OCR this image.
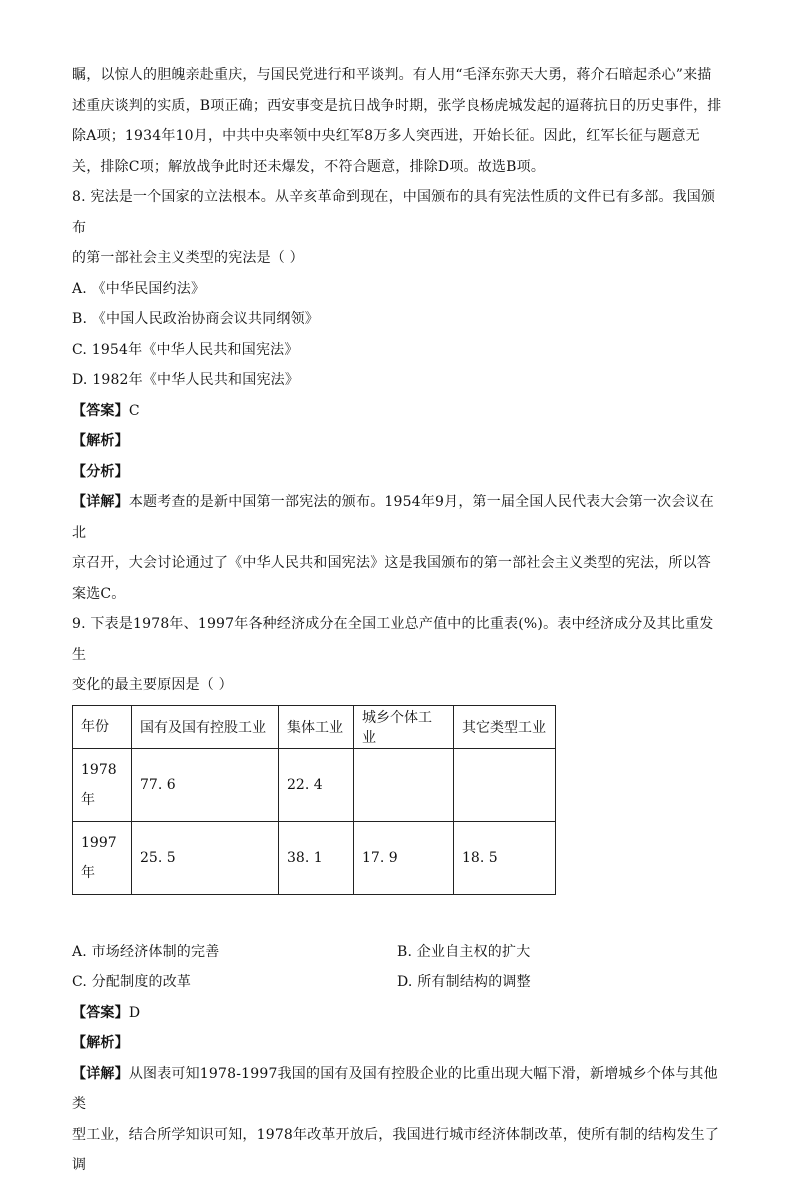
瞩，以惊人的胆魄亲赴重庆，与国民党进行和平谈判。有人用“毛泽东弥天大勇，蒋介石暗起杀心”来描

述重庆谈判的实质，B项正确；西安事变是抗日战争时期，张学良杨虎城发起的逼蒋抗日的历史事件，排

除A项；1934年10月，中共中央率领中央红军8万多人突西进，开始长征。因此，红军长征与题意无

关，排除C项；解放战争此时还未爆发，不符合题意，排除D项。故选B项。

8. 宪法是一个国家的立法根本。从辛亥革命到现在，中国颁布的具有宪法性质的文件已有多部。我国颁布

的第一部社会主义类型的宪法是（ ）

A. 《中华民国约法》

B. 《中国人民政治协商会议共同纲领》

C. 1954年《中华人民共和国宪法》

D. 1982年《中华人民共和国宪法》

【答案】C

【解析】

【分析】

【详解】本题考查的是新中国第一部宪法的颁布。1954年9月，第一届全国人民代表大会第一次会议在北

京召开，大会讨论通过了《中华人民共和国宪法》这是我国颁布的第一部社会主义类型的宪法，所以答

案选C。

9. 下表是1978年、1997年各种经济成分在全国工业总产值中的比重表(%)。表中经济成分及其比重发生

变化的最主要原因是（ ）

年份	国有及国有控股工业	集体工业	城乡个体工业	其它类型工业
1978年	77. 6	22. 4		
1997年	25. 5	38. 1	17. 9	18. 5

A. 市场经济体制的完善	B. 企业自主权的扩大

C. 分配制度的改革	D. 所有制结构的调整

【答案】D

【解析】

【详解】从图表可知1978-1997我国的国有及国有控股企业的比重出现大幅下滑，新增城乡个体与其他类

型工业，结合所学知识可知，1978年改革开放后，我国进行城市经济体制改革，使所有制的结构发生了调
